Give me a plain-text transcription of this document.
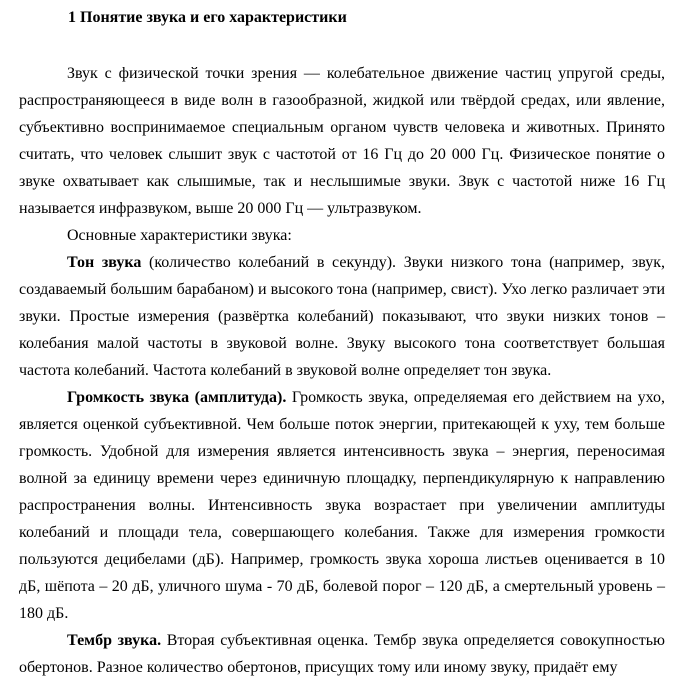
1 Понятие звука и его характеристики

Звук с физической точки зрения — колебательное движение частиц упругой среды, распространяющееся в виде волн в газообразной, жидкой или твёрдой средах, или явление, субъективно воспринимаемое специальным органом чувств человека и животных. Принято считать, что человек слышит звук с частотой от 16 Гц до 20 000 Гц. Физическое понятие о звуке охватывает как слышимые, так и неслышимые звуки. Звук с частотой ниже 16 Гц называется инфразвуком, выше 20 000 Гц — ультразвуком.

Основные характеристики звука:

Тон звука (количество колебаний в секунду). Звуки низкого тона (например, звук, создаваемый большим барабаном) и высокого тона (например, свист). Ухо легко различает эти звуки. Простые измерения (развёртка колебаний) показывают, что звуки низких тонов – колебания малой частоты в звуковой волне. Звуку высокого тона соответствует большая частота колебаний. Частота колебаний в звуковой волне определяет тон звука.

Громкость звука (амплитуда). Громкость звука, определяемая его действием на ухо, является оценкой субъективной. Чем больше поток энергии, притекающей к уху, тем больше громкость. Удобной для измерения является интенсивность звука – энергия, переносимая волной за единицу времени через единичную площадку, перпендикулярную к направлению распространения волны. Интенсивность звука возрастает при увеличении амплитуды колебаний и площади тела, совершающего колебания. Также для измерения громкости пользуются децибелами (дБ). Например, громкость звука хороша листьев оценивается в 10 дБ, шёпота – 20 дБ, уличного шума - 70 дБ, болевой порог – 120 дБ, а смертельный уровень – 180 дБ.

Тембр звука. Вторая субъективная оценка. Тембр звука определяется совокупностью обертонов. Разное количество обертонов, присущих тому или иному звуку, придаёт ему
